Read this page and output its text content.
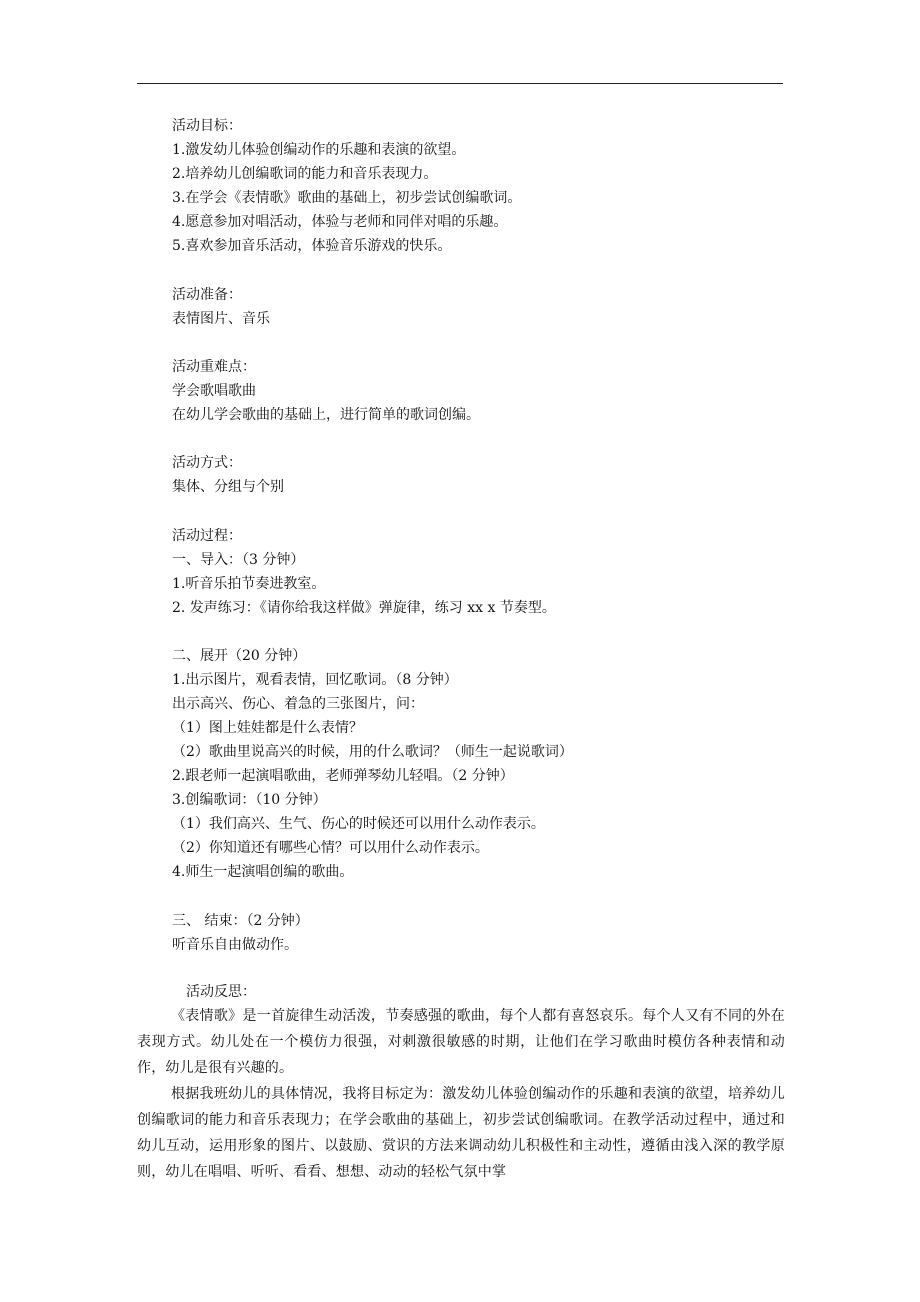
活动目标：
1.激发幼儿体验创编动作的乐趣和表演的欲望。
2.培养幼儿创编歌词的能力和音乐表现力。
3.在学会《表情歌》歌曲的基础上，初步尝试创编歌词。
4.愿意参加对唱活动，体验与老师和同伴对唱的乐趣。
5.喜欢参加音乐活动，体验音乐游戏的快乐。
活动准备：
表情图片、音乐
活动重难点：
学会歌唱歌曲
在幼儿学会歌曲的基础上，进行简单的歌词创编。
活动方式：
集体、分组与个别
活动过程：
一、导入：（3 分钟）
1.听音乐拍节奏进教室。
2. 发声练习：《请你给我这样做》弹旋律，练习 xx x 节奏型。
二、展开（20 分钟）
1.出示图片，观看表情，回忆歌词。（8 分钟）
出示高兴、伤心、着急的三张图片，问：
（1）图上娃娃都是什么表情？
（2）歌曲里说高兴的时候，用的什么歌词？（师生一起说歌词）
2.跟老师一起演唱歌曲，老师弹琴幼儿轻唱。（2 分钟）
3.创编歌词：（10 分钟）
（1）我们高兴、生气、伤心的时候还可以用什么动作表示。
（2）你知道还有哪些心情？可以用什么动作表示。
4.师生一起演唱创编的歌曲。
三、 结束：（2 分钟）
听音乐自由做动作。
活动反思：
《表情歌》是一首旋律生动活泼，节奏感强的歌曲，每个人都有喜怒哀乐。每个人又有不同的外在表现方式。幼儿处在一个模仿力很强，对刺激很敏感的时期，让他们在学习歌曲时模仿各种表情和动作，幼儿是很有兴趣的。
根据我班幼儿的具体情况，我将目标定为：激发幼儿体验创编动作的乐趣和表演的欲望，培养幼儿创编歌词的能力和音乐表现力；在学会歌曲的基础上，初步尝试创编歌词。在教学活动过程中，通过和幼儿互动，运用形象的图片、以鼓励、赏识的方法来调动幼儿积极性和主动性，遵循由浅入深的教学原则，幼儿在唱唱、听听、看看、想想、动动的轻松气氛中掌
